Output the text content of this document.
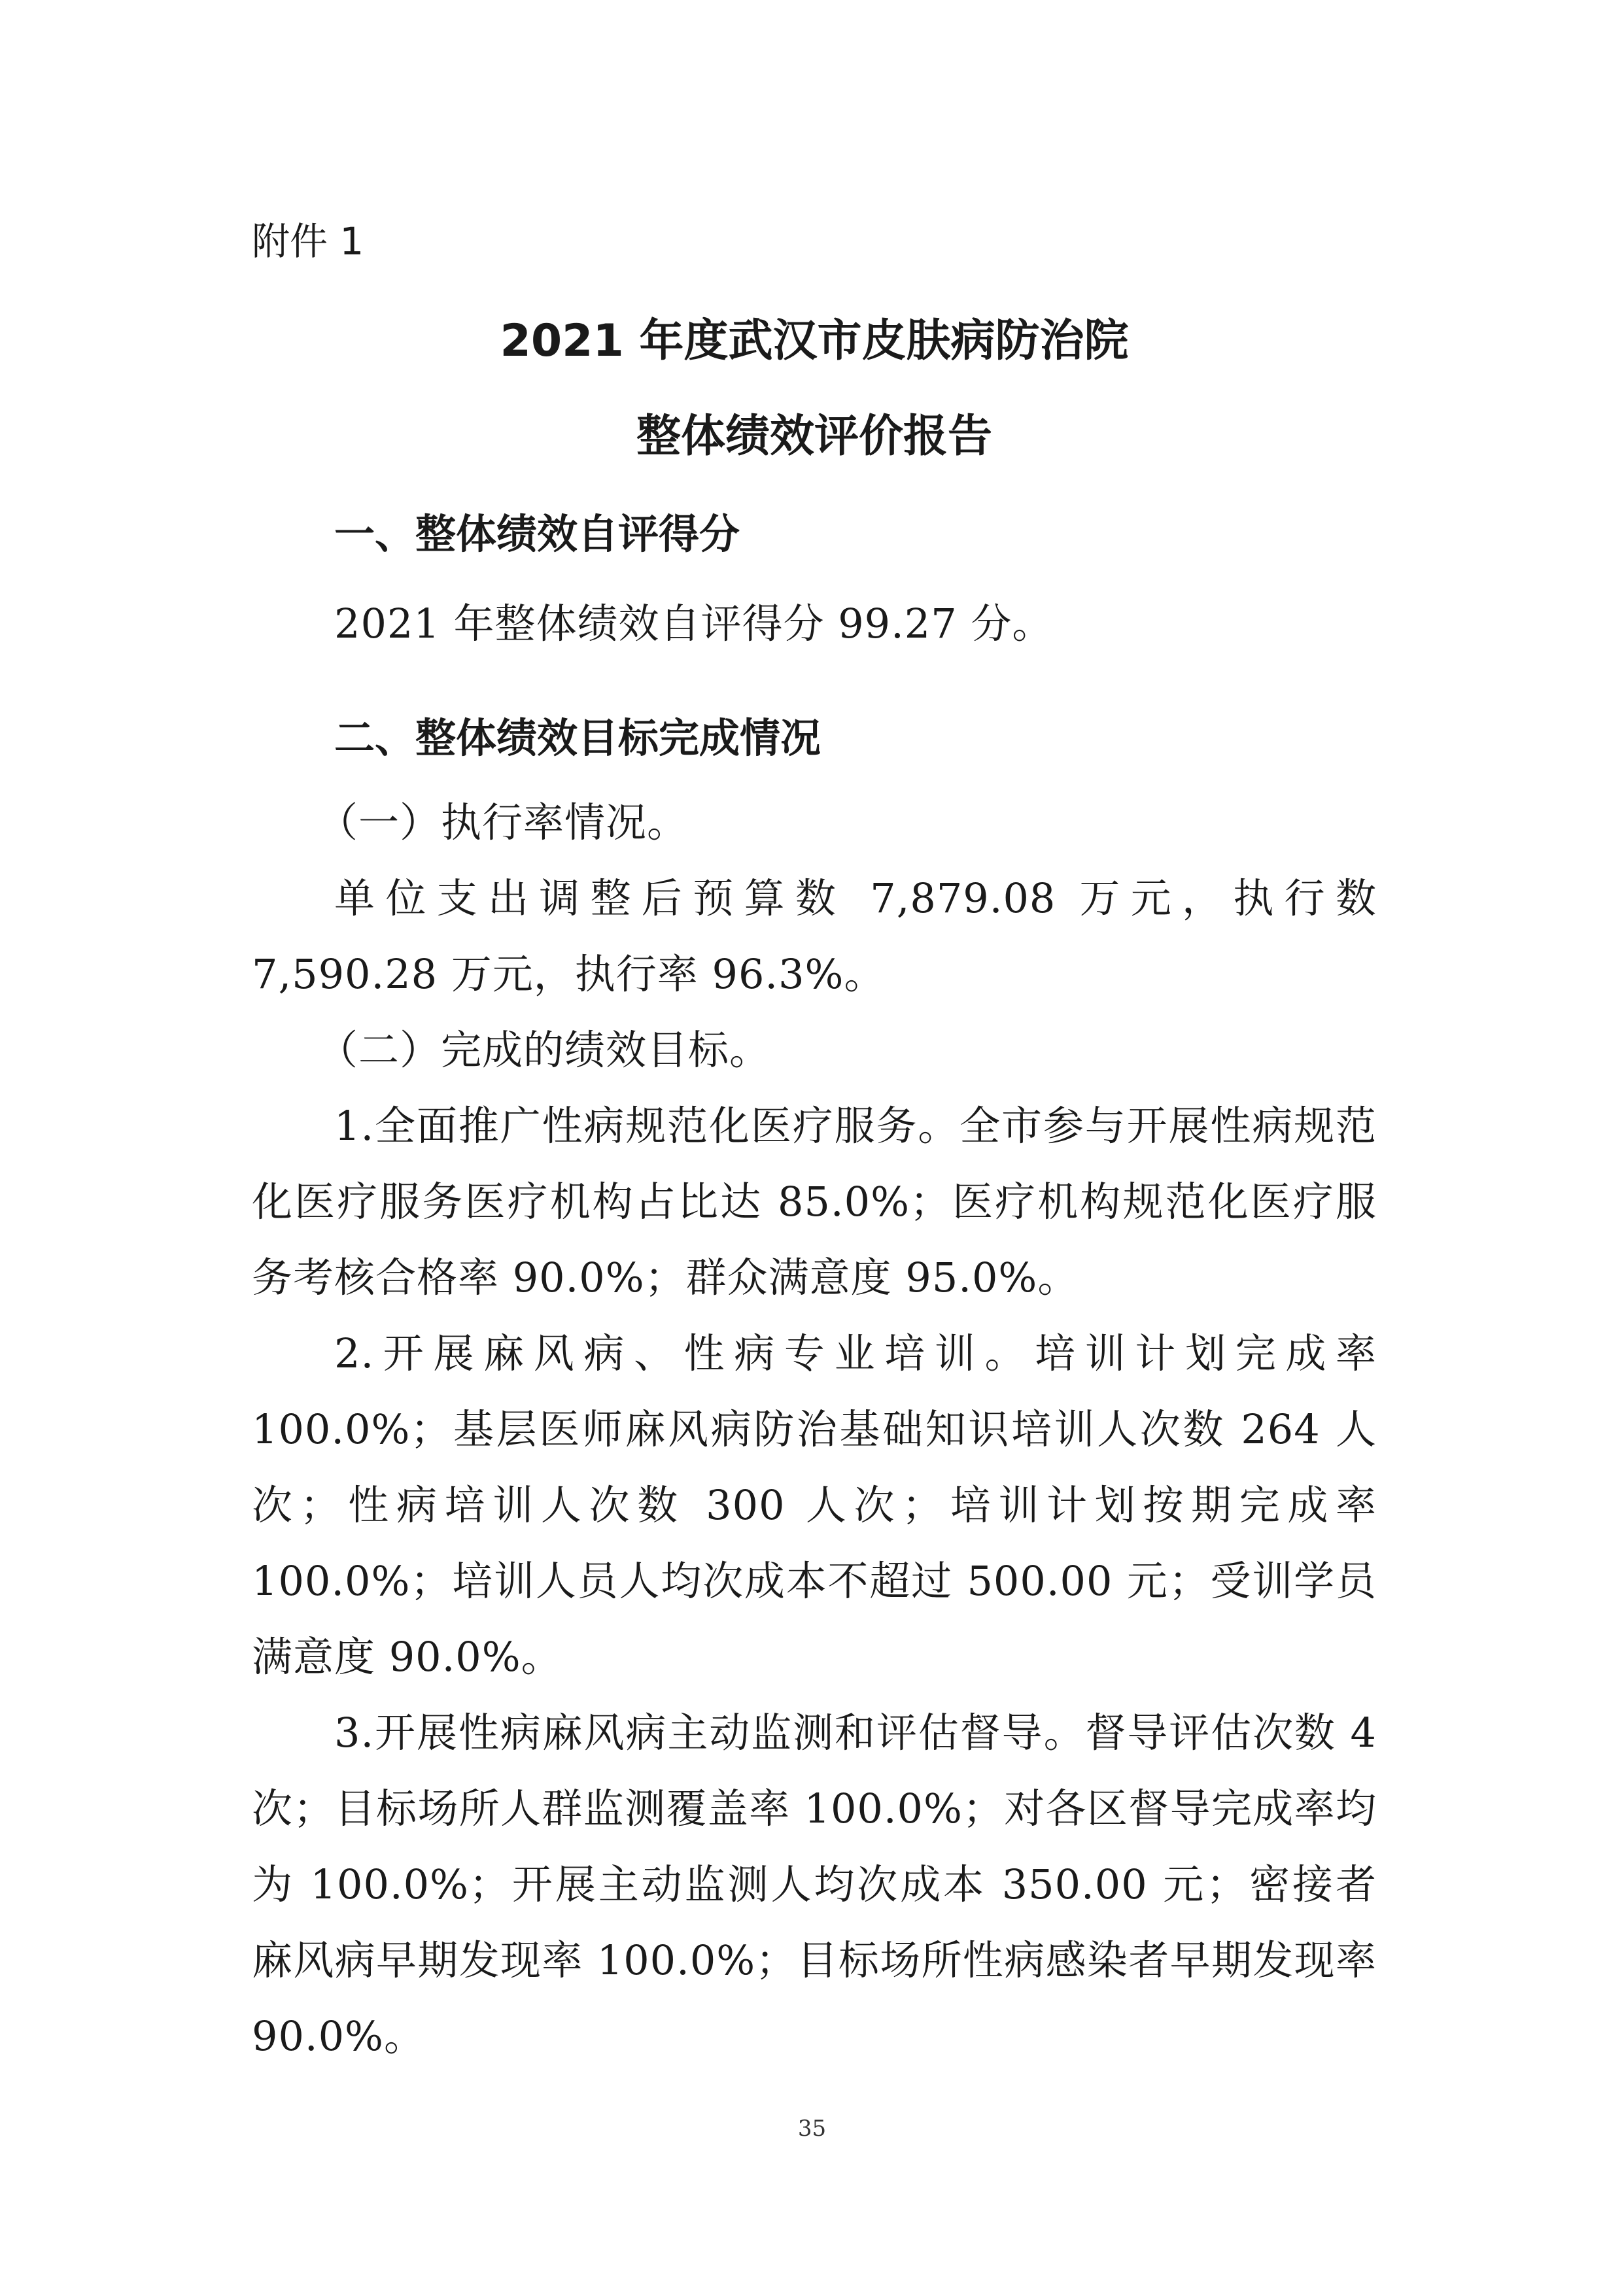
附件 1
2021 年度武汉市皮肤病防治院
整体绩效评价报告
一、整体绩效自评得分

2021 年整体绩效自评得分 99.27 分。

二、整体绩效目标完成情况

（一）执行率情况。

单位支出调整后预算数 7,879.08 万元，执行数 7,590.28 万元，执行率 96.3%。

（二）完成的绩效目标。

1.全面推广性病规范化医疗服务。全市参与开展性病规范化医疗服务医疗机构占比达 85.0%；医疗机构规范化医疗服务考核合格率 90.0%；群众满意度 95.0%。

2.开展麻风病、性病专业培训。培训计划完成率 100.0%；基层医师麻风病防治基础知识培训人次数 264 人次；性病培训人次数 300 人次；培训计划按期完成率 100.0%；培训人员人均次成本不超过 500.00 元；受训学员满意度 90.0%。

3.开展性病麻风病主动监测和评估督导。督导评估次数 4 次；目标场所人群监测覆盖率 100.0%；对各区督导完成率均为 100.0%；开展主动监测人均次成本 350.00 元；密接者麻风病早期发现率 100.0%；目标场所性病感染者早期发现率 90.0%。

35
